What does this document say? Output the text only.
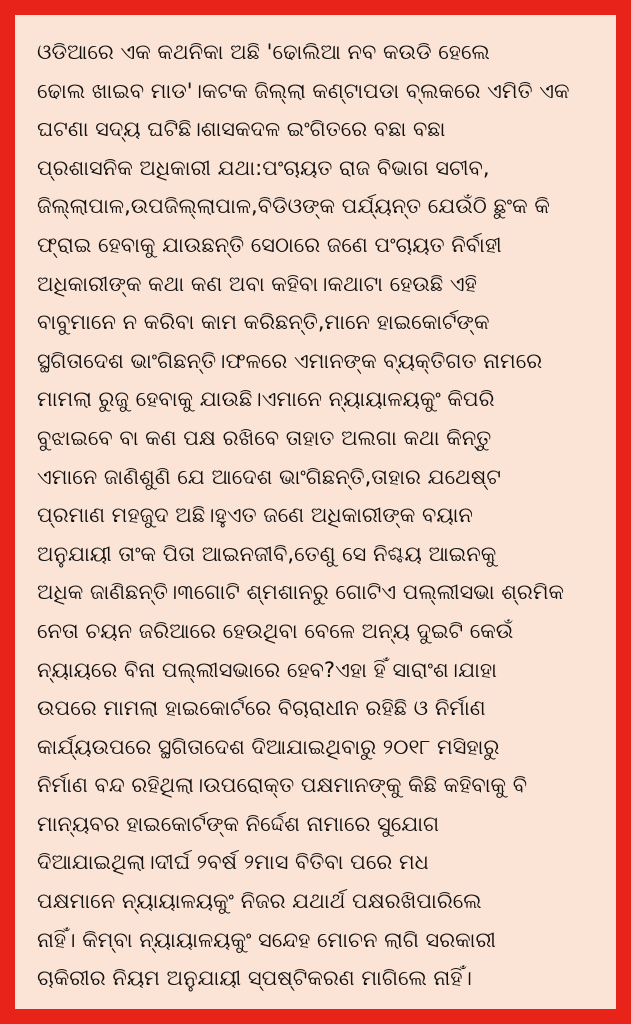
ଓଡିଆରେ ଏକ କଥନିକା ଅଛି 'ଢୋଲିଆ ନବ କଉଡି ହେଲେ
ଢୋଲ ଖାଇବ ମାଡ'।କଟକ ଜିଲ୍ଲା କଣ୍ଟାପଡା ବ୍ଲକରେ ଏମିତି ଏକ
ଘଟଣା ସଦ୍ୟ ଘଟିଛି।ଶାସକଦଳ ଇଂଗିତରେ ବଛା ବଛା
ପ୍ରଶାସନିକ ଅଧିକାରୀ ଯଥା:ପଂଚାୟତ ରାଜ ବିଭାଗ ସଚୀବ,
ଜିଲ୍ଲାପାଳ,ଉପଜିଲ୍ଲାପାଳ,ବିଡିଓଙ୍କ ପର୍ଯ୍ୟନ୍ତ ଯେଉଁଠି ଛୁଂକ କି
ଫ୍ରାଇ ହେବାକୁ ଯାଉଛନ୍ତି ସେଠାରେ ଜଣେ ପଂଚାୟତ ନିର୍ବାହୀ
ଅଧିକାରୀଙ୍କ କଥା କଣ ଅବା କହିବା।କଥାଟା ହେଉଛି ଏହି
ବାବୁମାନେ ନ କରିବା କାମ କରିଛନ୍ତି,ମାନେ ହାଇକୋର୍ଟଙ୍କ
ସ୍ଥଗିତାଦେଶ ଭାଂଗିଛନ୍ତି।ଫଳରେ ଏମାନଙ୍କ ବ୍ୟକ୍ତିଗତ ନାମରେ
ମାମଲା ରୁଜୁ ହେବାକୁ ଯାଉଛି।ଏମାନେ ନ୍ୟାୟାଳୟକୁଂ କିପରି
ବୁଝାଇବେ ବା କଣ ପକ୍ଷ ରଖିବେ ତାହାତ ଅଲଗା କଥା କିନ୍ତୁ
ଏମାନେ ଜାଣିଶୁଣି ଯେ ଆଦେଶ ଭାଂଗିଛନ୍ତି,ତାହାର ଯଥେଷ୍ଟ
ପ୍ରମାଣ ମହଜୁଦ ଅଛି।ହୁଏତ ଜଣେ ଅଧିକାରୀଙ୍କ ବୟାନ
ଅନୁଯାୟୀ ତାଂକ ପିତା ଆଇନଜୀବି,ତେଣୁ ସେ ନିଶ୍ଚୟ ଆଇନକୁ
ଅଧିକ ଜାଣିଛନ୍ତି।୩ଗୋଟି ଶ୍ମଶାନରୁ ଗୋଟିଏ ପଲ୍ଲୀସଭା ଶ୍ରମିକ
ନେତା ଚୟନ ଜରିଆରେ ହେଉଥିବା ବେଳେ ଅନ୍ୟ ଦୁଇଟି କେଉଁ
ନ୍ୟାୟରେ ବିନା ପଲ୍ଲୀସଭାରେ ହେବ?ଏହା ହିଁ ସାରାଂଶ।ଯାହା
ଉପରେ ମାମଲା ହାଇକୋର୍ଟରେ ବିଚାରାଧୀନ ରହିଛି ଓ ନିର୍ମାଣ
କାର୍ଯ୍ୟଉପରେ ସ୍ଥଗିତାଦେଶ ଦିଆଯାଇଥିବାରୁ ୨୦୧୮ ମସିହାରୁ
ନିର୍ମାଣ ବନ୍ଦ ରହିଥିଲା।ଉପରୋକ୍ତ ପକ୍ଷମାନଙ୍କୁ କିଛି କହିବାକୁ ବି
ମାନ୍ୟବର ହାଇକୋର୍ଟଙ୍କ ନିର୍ଦ୍ଦେଶ ନାମାରେ ସୁଯୋଗ
ଦିଆଯାଇଥିଲା।ଦୀର୍ଘ ୨ବର୍ଷ ୨ମାସ ବିତିବା ପରେ ମଧ
ପକ୍ଷମାନେ ନ୍ୟାୟାଳୟକୁଂ ନିଜର ଯଥାର୍ଥ ପକ୍ଷରଖିପାରିଲେ
ନାହିଁ। କିମ୍ବା ନ୍ୟାୟାଳୟକୁଂ ସନ୍ଦେହ ମୋଚନ ଲାଗି ସରକାରୀ
ଚାକିରୀର ନିୟମ ଅନୁଯାୟୀ ସ୍ପଷ୍ଟିକରଣ ମାଗିଲେ ନାହିଁ।
